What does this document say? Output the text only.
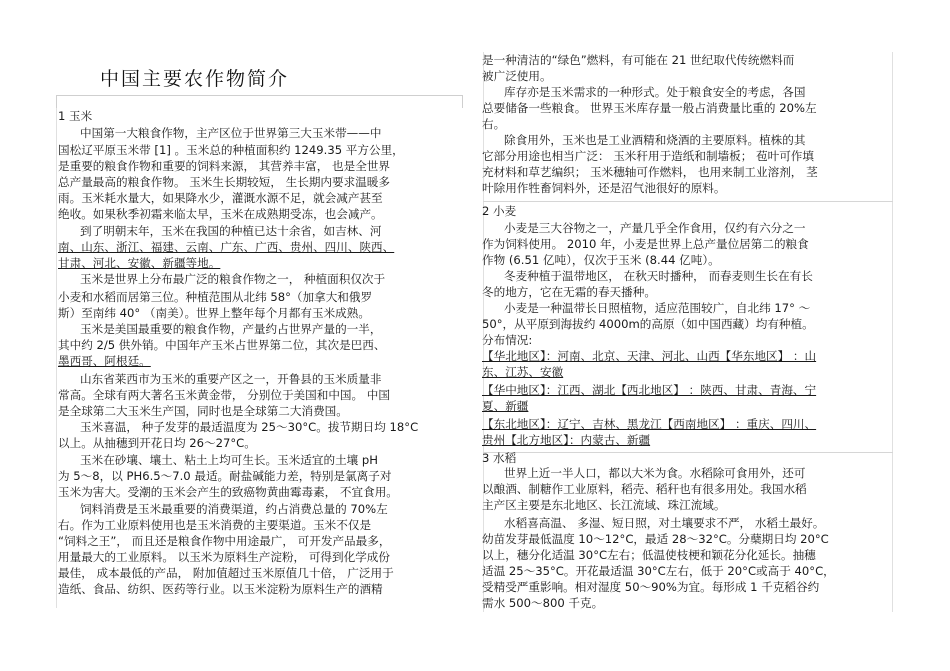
中国主要农作物简介
1 玉米
中国第一大粮食作物，主产区位于世界第三大玉米带——中
国松辽平原玉米带 [1] 。玉米总的种植面积约 1249.35 平方公里，
是重要的粮食作物和重要的饲料来源， 其营养丰富， 也是全世界
总产量最高的粮食作物。 玉米生长期较短， 生长期内要求温暖多
雨。玉米耗水量大，如果降水少，灌溉水源不足，就会减产甚至
绝收。如果秋季初霜来临太早，玉米在成熟期受冻，也会减产。
到了明朝末年，玉米在我国的种植已达十余省，如吉林、河
南、山东、浙江、福建、云南、广东、广西、贵州、四川、陕西、
甘肃、河北、安徽、新疆等地。
玉米是世界上分布最广泛的粮食作物之一， 种植面积仅次于
小麦和水稻而居第三位。种植范围从北纬 58°（加拿大和俄罗
斯）至南纬 40° （南美）。世界上整年每个月都有玉米成熟。
玉米是美国最重要的粮食作物，产量约占世界产量的一半，
其中约 2/5 供外销。中国年产玉米占世界第二位，其次是巴西、
墨西哥、阿根廷。
山东省莱西市为玉米的重要产区之一，开鲁县的玉米质量非
常高。全球有两大著名玉米黄金带， 分别位于美国和中国。 中国
是全球第二大玉米生产国，同时也是全球第二大消费国。
玉米喜温， 种子发芽的最适温度为 25～30°C。拔节期日均 18°C
以上。从抽穗到开花日均 26～27°C。
玉米在砂壤、壤土、粘土上均可生长。玉米适宜的土壤 pH
为 5～8，以 PH6.5～7.0 最适。耐盐碱能力差，特别是氯离子对
玉米为害大。受潮的玉米会产生的致癌物黄曲霉毒素， 不宜食用。
饲料消费是玉米最重要的消费渠道，约占消费总量的 70%左
右。作为工业原料使用也是玉米消费的主要渠道。玉米不仅是
“饲料之王”， 而且还是粮食作物中用途最广， 可开发产品最多，
用量最大的工业原料。 以玉米为原料生产淀粉， 可得到化学成份
最佳， 成本最低的产品， 附加值超过玉米原值几十倍， 广泛用于
造纸、食品、纺织、医药等行业。以玉米淀粉为原料生产的酒精
是一种清洁的“绿色”燃料，有可能在 21 世纪取代传统燃料而
被广泛使用。
库存亦是玉米需求的一种形式。处于粮食安全的考虑，各国
总要储备一些粮食。 世界玉米库存量一般占消费量比重的 20%左
右。
除食用外，玉米也是工业酒精和烧酒的主要原料。植株的其
它部分用途也相当广泛： 玉米秆用于造纸和制墙板； 苞叶可作填
充材料和草艺编织； 玉米穗轴可作燃料， 也用来制工业溶剂， 茎
叶除用作牲畜饲料外，还是沼气池很好的原料。
2 小麦
小麦是三大谷物之一，产量几乎全作食用，仅约有六分之一
作为饲料使用。 2010 年，小麦是世界上总产量位居第二的粮食
作物 (6.51 亿吨），仅次于玉米 (8.44 亿吨）。
冬麦种植于温带地区， 在秋天时播种， 而春麦则生长在有长
冬的地方，它在无霜的春天播种。
小麦是一种温带长日照植物，适应范围较广，自北纬 17° ～
50°，从平原到海拔约 4000m的高原（如中国西藏）均有种植。
分布情况:
【华北地区】：河南、北京、天津、河北、山西【华东地区】 ：山
东、江苏、安徽
【华中地区】：江西、湖北【西北地区】 ：陕西、甘肃、青海、宁
夏、新疆
【东北地区】：辽宁、吉林、黑龙江【西南地区】 ：重庆、四川、
贵州【北方地区】：内蒙古、新疆
3 水稻
世界上近一半人口，都以大米为食。水稻除可食用外，还可
以酿酒、制糖作工业原料，稻壳、稻秆也有很多用处。我国水稻
主产区主要是东北地区、长江流域、珠江流域。
水稻喜高温、 多湿、短日照，对土壤要求不严， 水稻土最好。
幼苗发芽最低温度 10～12°C，最适 28～32°C。分蘖期日均 20°C
以上，穗分化适温 30°C左右；低温使枝梗和颖花分化延长。抽穗
适温 25～35°C。开花最适温 30°C左右，低于 20°C或高于 40°C，
受精受严重影响。相对湿度 50～90%为宜。每形成 1 千克稻谷约
需水 500～800 千克。
